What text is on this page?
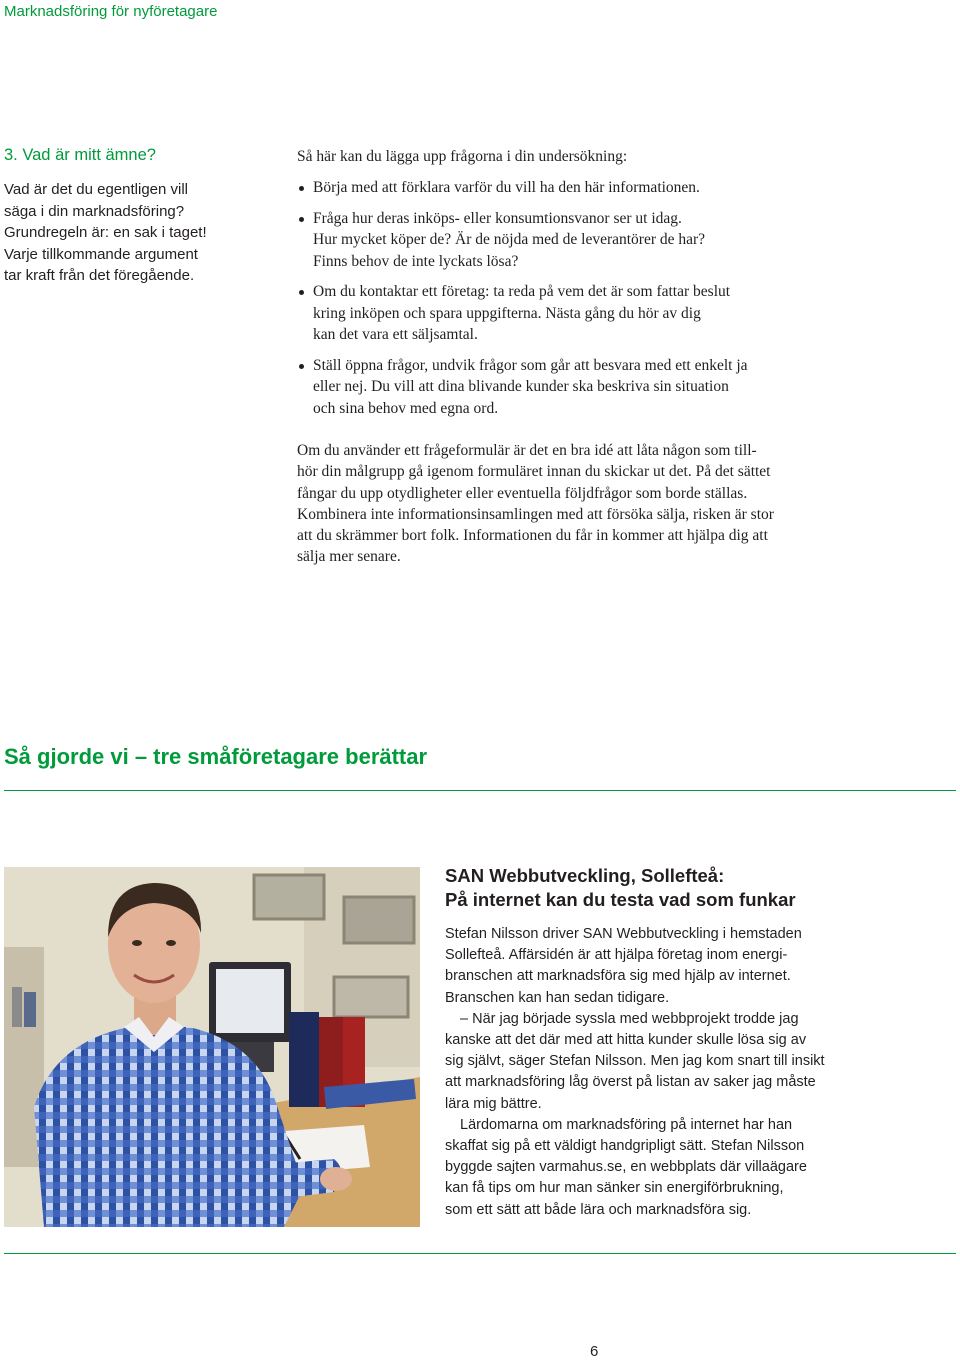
Marknadsföring för nyföretagare
3. Vad är mitt ämne?
Vad är det du egentligen vill
säga i din marknadsföring?
Grundregeln är: en sak i taget!
Varje tillkommande argument
tar kraft från det föregående.
Så här kan du lägga upp frågorna i din undersökning:
Börja med att förklara varför du vill ha den här informationen.
Fråga hur deras inköps- eller konsumtionsvanor ser ut idag.
Hur mycket köper de? Är de nöjda med de leverantörer de har?
Finns behov de inte lyckats lösa?
Om du kontaktar ett företag: ta reda på vem det är som fattar beslut
kring inköpen och spara uppgifterna. Nästa gång du hör av dig
kan det vara ett säljsamtal.
Ställ öppna frågor, undvik frågor som går att besvara med ett enkelt ja
eller nej. Du vill att dina blivande kunder ska beskriva sin situation
och sina behov med egna ord.
Om du använder ett frågeformulär är det en bra idé att låta någon som till-
hör din målgrupp gå igenom formuläret innan du skickar ut det. På det sättet
fångar du upp otydligheter eller eventuella följdfrågor som borde ställas.
Kombinera inte informationsinsamlingen med att försöka sälja, risken är stor
att du skrämmer bort folk. Informationen du får in kommer att hjälpa dig att
sälja mer senare.
Så gjorde vi – tre småföretagare berättar
SAN Webbutveckling, Sollefteå:
På internet kan du testa vad som funkar
Stefan Nilsson driver SAN Webbutveckling i hemstaden
Sollefteå. Affärsidén är att hjälpa företag inom energi-
branschen att marknadsföra sig med hjälp av internet.
Branschen kan han sedan tidigare.
– När jag började syssla med webbprojekt trodde jag
kanske att det där med att hitta kunder skulle lösa sig av
sig självt, säger Stefan Nilsson. Men jag kom snart till insikt
att marknadsföring låg överst på listan av saker jag måste
lära mig bättre.
Lärdomarna om marknadsföring på internet har han
skaffat sig på ett väldigt handgripligt sätt. Stefan Nilsson
byggde sajten varmahus.se, en webbplats där villaägare
kan få tips om hur man sänker sin energiförbrukning,
som ett sätt att både lära och marknadsföra sig.
6
